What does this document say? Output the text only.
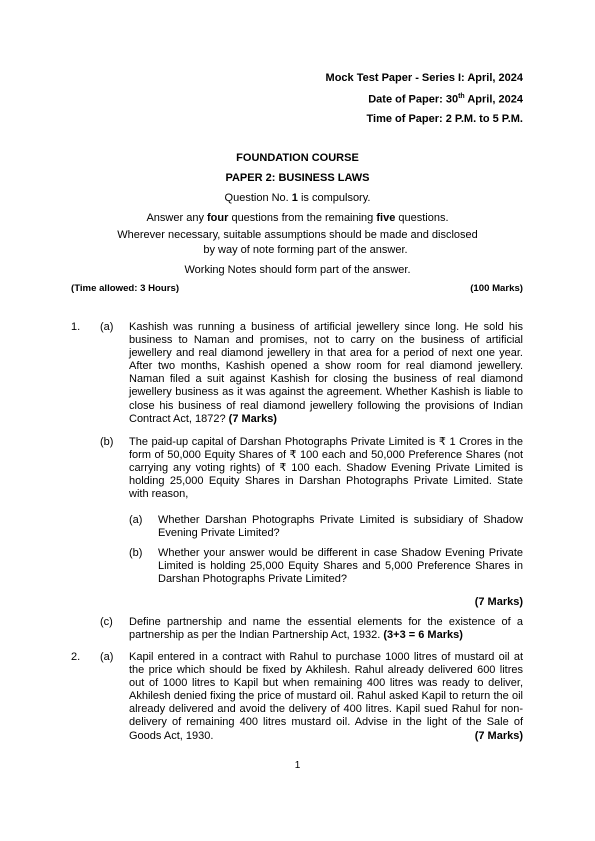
Mock Test Paper - Series I: April, 2024
Date of Paper: 30th April, 2024
Time of Paper: 2 P.M. to 5 P.M.
FOUNDATION COURSE
PAPER 2: BUSINESS LAWS
Question No. 1 is compulsory.
Answer any four questions from the remaining five questions.
Wherever necessary, suitable assumptions should be made and disclosed
by way of note forming part of the answer.
Working Notes should form part of the answer.
(Time allowed: 3 Hours)	(100 Marks)
1. (a) Kashish was running a business of artificial jewellery since long. He sold his business to Naman and promises, not to carry on the business of artificial jewellery and real diamond jewellery in that area for a period of next one year. After two months, Kashish opened a show room for real diamond jewellery. Naman filed a suit against Kashish for closing the business of real diamond jewellery business as it was against the agreement. Whether Kashish is liable to close his business of real diamond jewellery following the provisions of Indian Contract Act, 1872? (7 Marks)
(b) The paid-up capital of Darshan Photographs Private Limited is ₹ 1 Crores in the form of 50,000 Equity Shares of ₹ 100 each and 50,000 Preference Shares (not carrying any voting rights) of ₹ 100 each. Shadow Evening Private Limited is holding 25,000 Equity Shares in Darshan Photographs Private Limited. State with reason,
(a) Whether Darshan Photographs Private Limited is subsidiary of Shadow Evening Private Limited?
(b) Whether your answer would be different in case Shadow Evening Private Limited is holding 25,000 Equity Shares and 5,000 Preference Shares in Darshan Photographs Private Limited?
(7 Marks)
(c) Define partnership and name the essential elements for the existence of a partnership as per the Indian Partnership Act, 1932. (3+3 = 6 Marks)
2. (a) Kapil entered in a contract with Rahul to purchase 1000 litres of mustard oil at the price which should be fixed by Akhilesh. Rahul already delivered 600 litres out of 1000 litres to Kapil but when remaining 400 litres was ready to deliver, Akhilesh denied fixing the price of mustard oil. Rahul asked Kapil to return the oil already delivered and avoid the delivery of 400 litres. Kapil sued Rahul for non-delivery of remaining 400 litres mustard oil. Advise in the light of the Sale of Goods Act, 1930.	(7 Marks)
1
